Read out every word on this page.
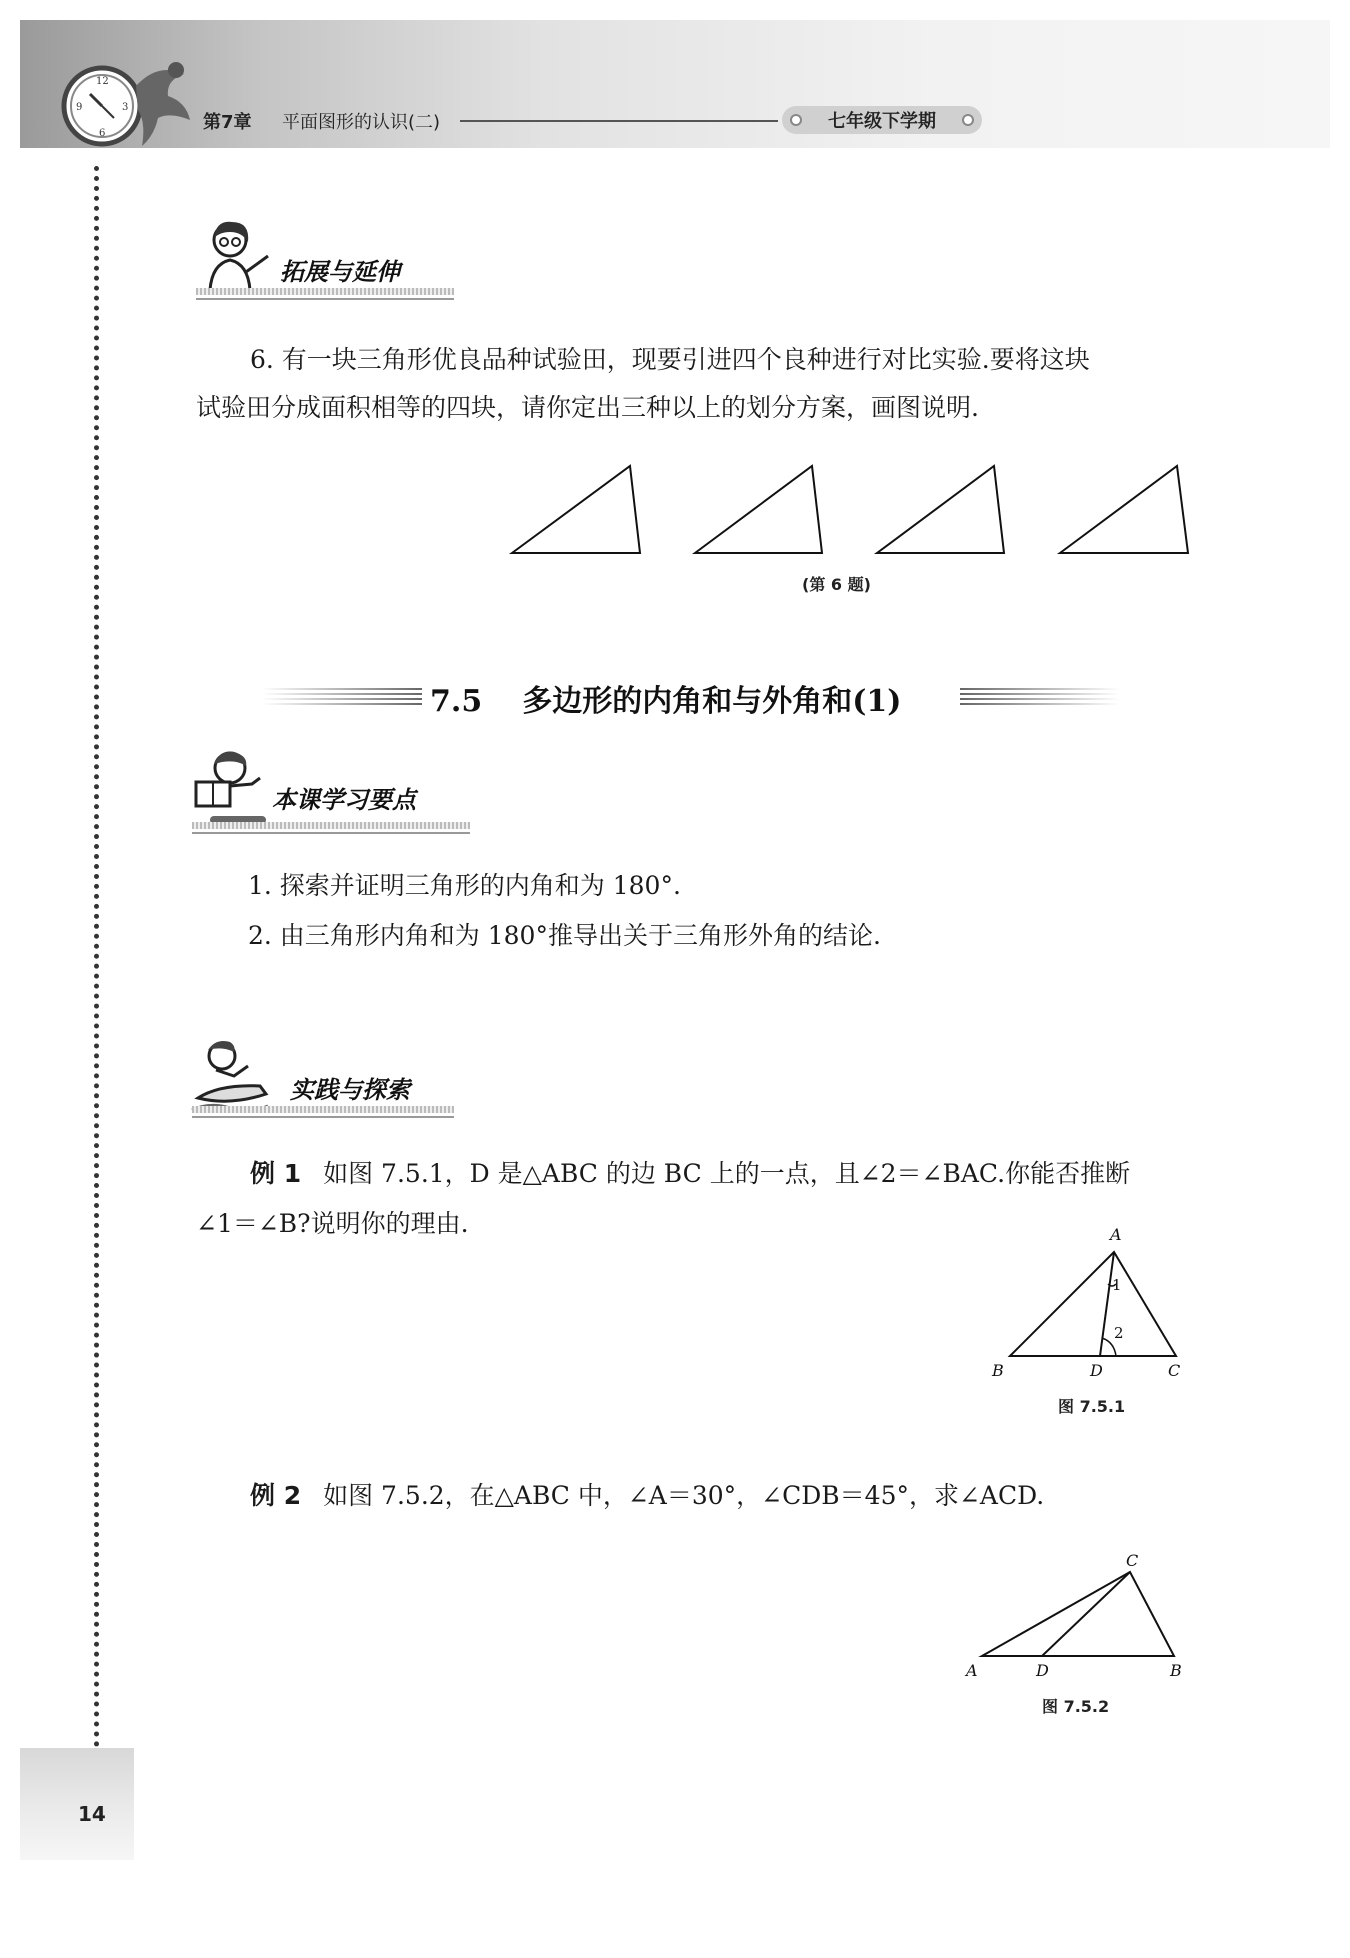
12
3
6
9
第7章 平面图形的认识(二)	七年级下学期
拓展与延伸
6. 有一块三角形优良品种试验田，现要引进四个良种进行对比实验.要将这块
试验田分成面积相等的四块，请你定出三种以上的划分方案，画图说明.
(第 6 题)
7.5 多边形的内角和与外角和(1)
本课学习要点
1. 探索并证明三角形的内角和为 180°.
2. 由三角形内角和为 180°推导出关于三角形外角的结论.
实践与探索
例 1 如图 7.5.1，D 是△ABC 的边 BC 上的一点，且∠2＝∠BAC.你能否推断
∠1＝∠B?说明你的理由.	A
B	D	C
1
2
图 7.5.1
例 2 如图 7.5.2，在△ABC 中，∠A＝30°，∠CDB＝45°，求∠ACD.
C
A	D	B
图 7.5.2
14
